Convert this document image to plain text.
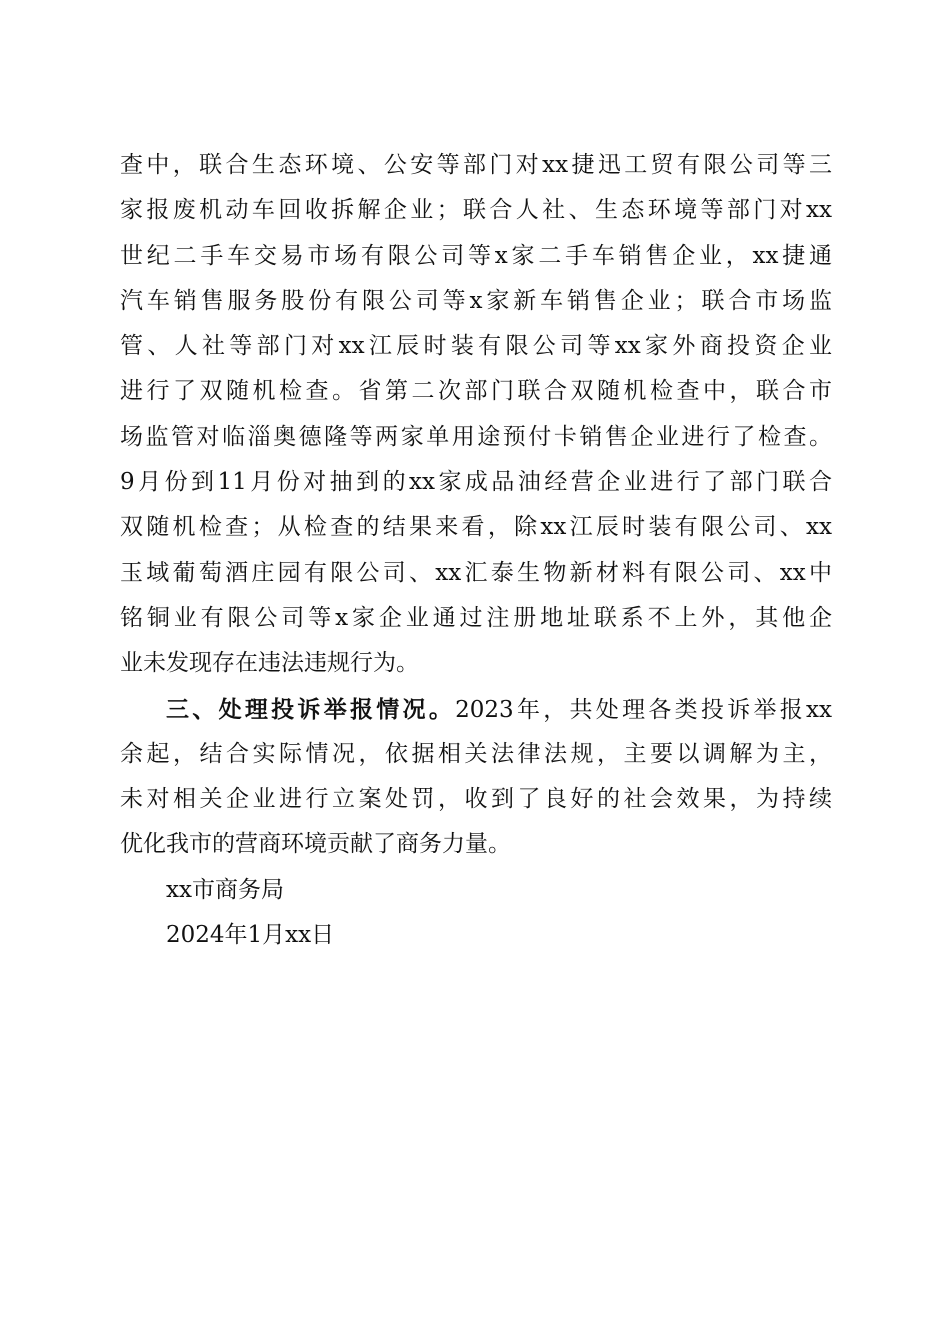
查中，联合生态环境、公安等部门对xx捷迅工贸有限公司等三
家报废机动车回收拆解企业；联合人社、生态环境等部门对xx
世纪二手车交易市场有限公司等x家二手车销售企业，xx捷通
汽车销售服务股份有限公司等x家新车销售企业；联合市场监
管、人社等部门对xx江辰时装有限公司等xx家外商投资企业
进行了双随机检查。省第二次部门联合双随机检查中，联合市
场监管对临淄奥德隆等两家单用途预付卡销售企业进行了检查。
9月份到11月份对抽到的xx家成品油经营企业进行了部门联合
双随机检查；从检查的结果来看，除xx江辰时装有限公司、xx
玉域葡萄酒庄园有限公司、xx汇泰生物新材料有限公司、xx中
铭铜业有限公司等x家企业通过注册地址联系不上外，其他企
业未发现存在违法违规行为。
三、处理投诉举报情况。2023年，共处理各类投诉举报xx
余起，结合实际情况，依据相关法律法规，主要以调解为主，
未对相关企业进行立案处罚，收到了良好的社会效果，为持续
优化我市的营商环境贡献了商务力量。
xx市商务局
2024年1月xx日
